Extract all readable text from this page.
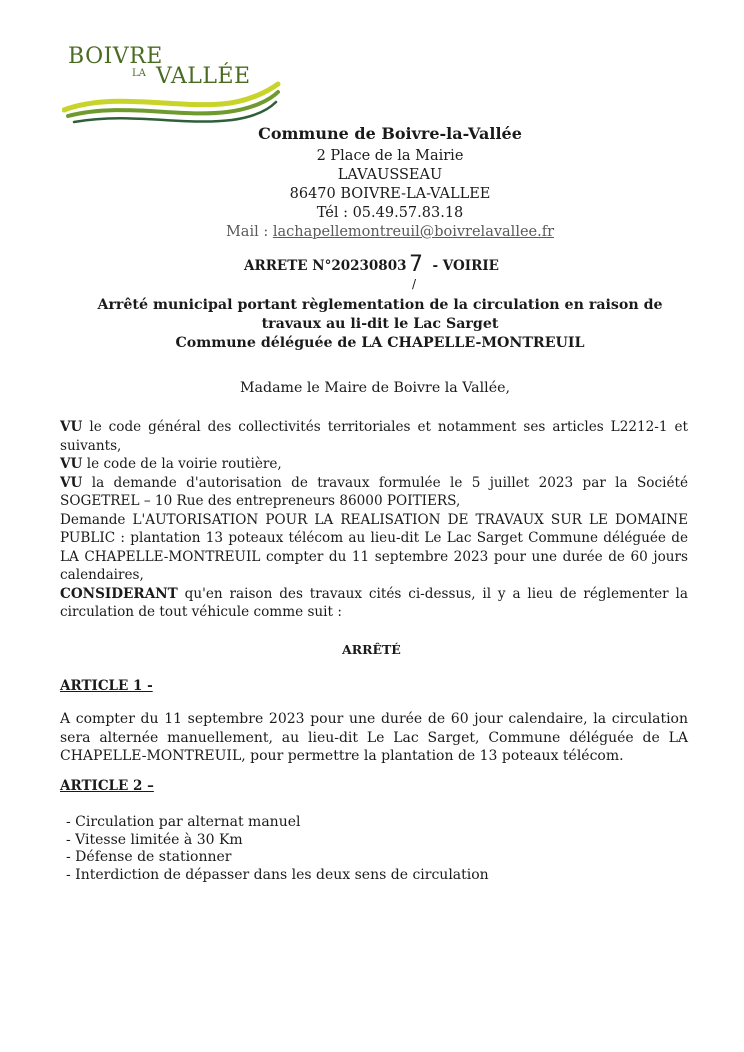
BOIVRE
LA VALLÉE
Commune de Boivre-la-Vallée
2 Place de la Mairie
LAVAUSSEAU
86470 BOIVRE-LA-VALLEE
Tél : 05.49.57.83.18
Mail : lachapellemontreuil@boivrelavallee.fr
ARRETE N°20230803 - VOIRIE
7
/
Arrêté municipal portant règlementation de la circulation en raison de
travaux au li-dit le Lac Sarget
Commune déléguée de LA CHAPELLE-MONTREUIL
Madame le Maire de Boivre la Vallée,

VU le code général des collectivités territoriales et notamment ses articles L2212-1 et suivants,

VU le code de la voirie routière,

VU la demande d'autorisation de travaux formulée le 5 juillet 2023 par la Société SOGETREL – 10 Rue des entrepreneurs 86000 POITIERS,

Demande L'AUTORISATION POUR LA REALISATION DE TRAVAUX SUR LE DOMAINE PUBLIC : plantation 13 poteaux télécom au lieu-dit Le Lac Sarget Commune déléguée de LA CHAPELLE-MONTREUIL compter du 11 septembre 2023 pour une durée de 60 jours calendaires,

CONSIDERANT qu'en raison des travaux cités ci-dessus, il y a lieu de réglementer la circulation de tout véhicule comme suit :

ARRÊTÉ
ARTICLE 1 -
A compter du 11 septembre 2023 pour une durée de 60 jour calendaire, la circulation sera alternée manuellement, au lieu-dit Le Lac Sarget, Commune déléguée de LA CHAPELLE-MONTREUIL, pour permettre la plantation de 13 poteaux télécom.
ARTICLE 2 –
- Circulation par alternat manuel
- Vitesse limitée à 30 Km
- Défense de stationner
- Interdiction de dépasser dans les deux sens de circulation
